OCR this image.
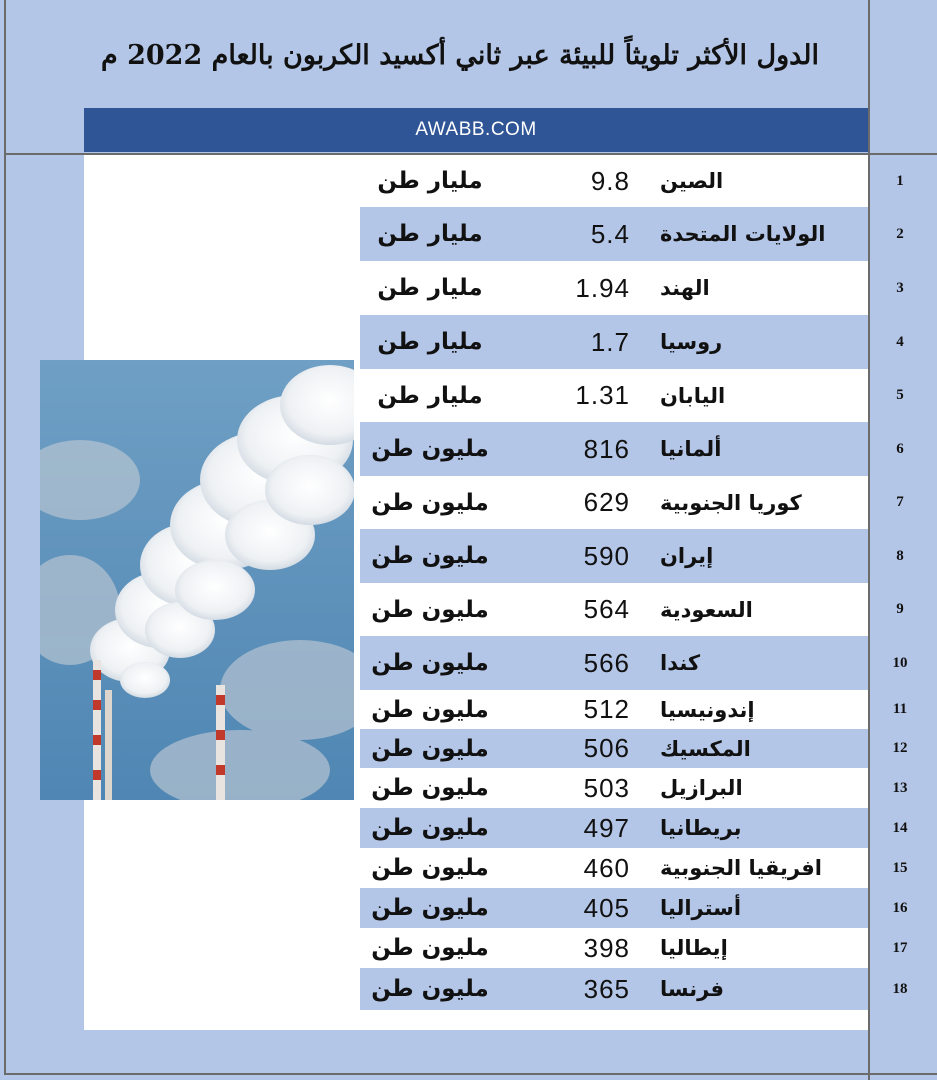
الدول الأكثر تلويثاً للبيئة عبر ثاني أكسيد الكربون بالعام 2022 م
AWABB.COM
مليار طن	9.8 الصين	1
مليار طن	5.4 الولايات المتحدة	2
مليار طن	1.94 الهند	3
مليار طن	1.7 روسيا	4
مليار طن	1.31 اليابان	5
مليون طن	816 ألمانيا	6
مليون طن	629 كوريا الجنوبية	7
مليون طن	590 إيران	8
مليون طن	564 السعودية	9
مليون طن	566 كندا	10
مليون طن	512 إندونيسيا	11
مليون طن	506 المكسيك	12
مليون طن	503 البرازيل	13
مليون طن	497 بريطانيا	14
مليون طن	460 افريقيا الجنوبية	15
مليون طن	405 أستراليا	16
مليون طن	398 إيطاليا	17
مليون طن	365 فرنسا	18
